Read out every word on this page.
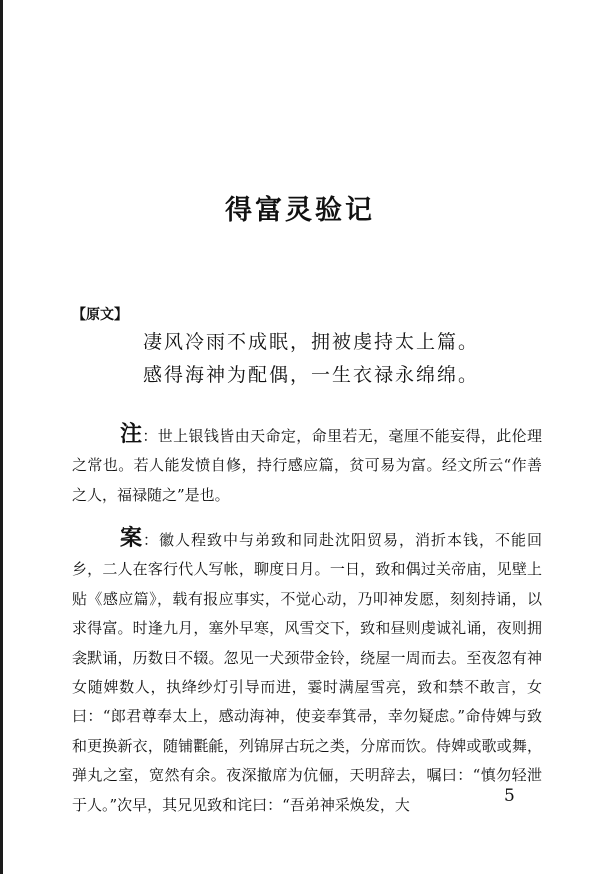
得富灵验记
【原文】
凄风冷雨不成眠，拥被虔持太上篇。
感得海神为配偶，一生衣禄永绵绵。
注：世上银钱皆由天命定，命里若无，毫厘不能妄得，此伦理之常也。若人能发愤自修，持行感应篇，贫可易为富。经文所云“作善之人，福禄随之”是也。
案：徽人程致中与弟致和同赴沈阳贸易，消折本钱，不能回乡，二人在客行代人写帐，聊度日月。一日，致和偶过关帝庙，见壁上贴《感应篇》，载有报应事实，不觉心动，乃叩神发愿，刻刻持诵，以求得富。时逢九月，塞外早寒，风雪交下，致和昼则虔诚礼诵，夜则拥衾默诵，历数日不辍。忽见一犬颈带金铃，绕屋一周而去。至夜忽有神女随婢数人，执绛纱灯引导而进，霎时满屋雪亮，致和禁不敢言，女曰：“郎君尊奉太上，感动海神，使妾奉箕帚，幸勿疑虑。”命侍婢与致和更换新衣，随铺氍毹，列锦屏古玩之类，分席而饮。侍婢或歌或舞，弹丸之室，宽然有余。夜深撤席为伉俪，天明辞去，嘱曰：“慎勿轻泄于人。”次早，其兄见致和诧曰：“吾弟神采焕发，大	5
